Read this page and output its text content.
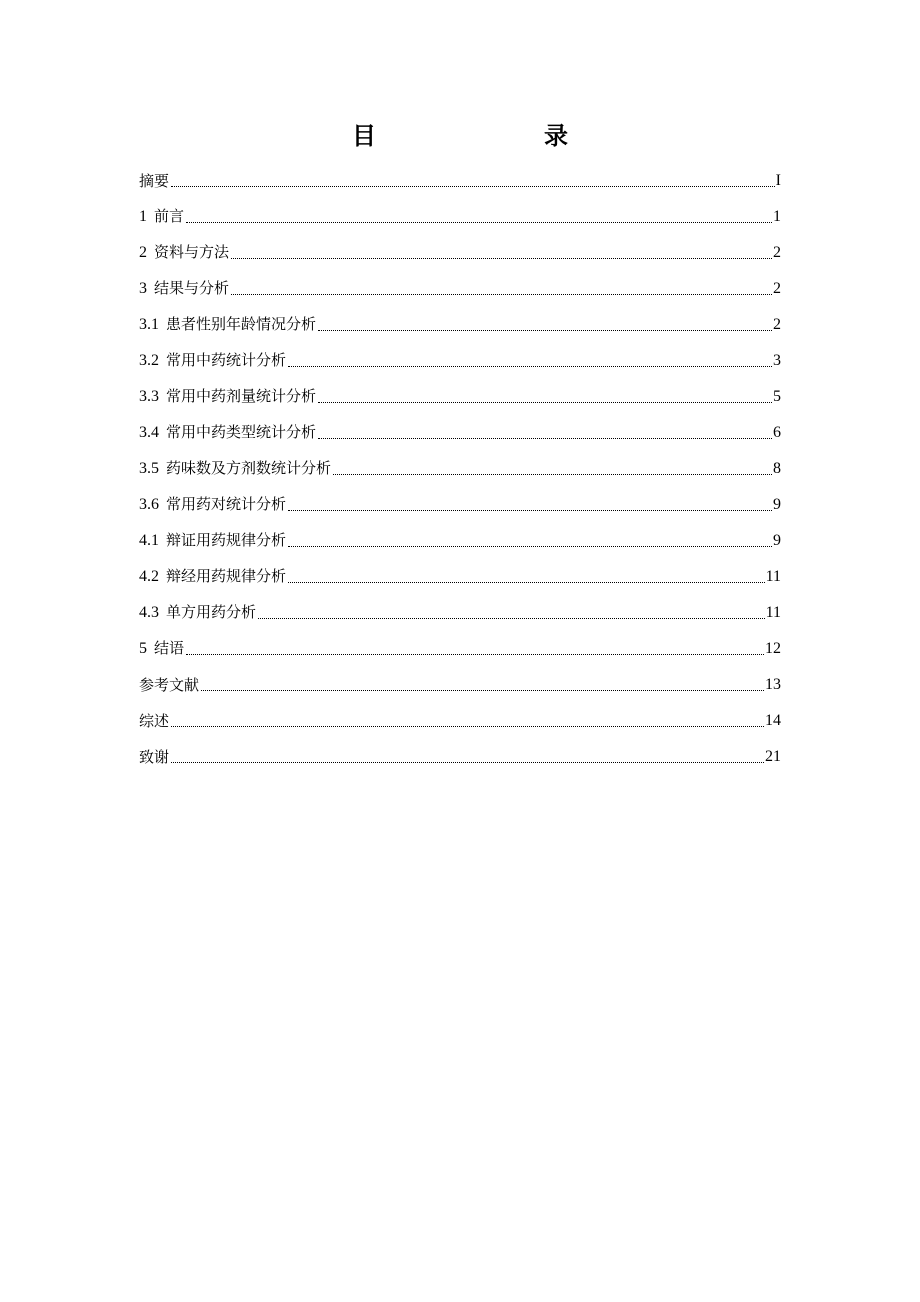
目　　录
摘要	I
1 前言	1
2 资料与方法	2
3 结果与分析	2
3.1 患者性别年龄情况分析	2
3.2 常用中药统计分析	3
3.3 常用中药剂量统计分析	5
3.4 常用中药类型统计分析	6
3.5 药味数及方剂数统计分析	8
3.6 常用药对统计分析	9
4.1 辩证用药规律分析	9
4.2 辩经用药规律分析	11
4.3 单方用药分析	11
5 结语	12
参考文献	13
综述	14
致谢	21
